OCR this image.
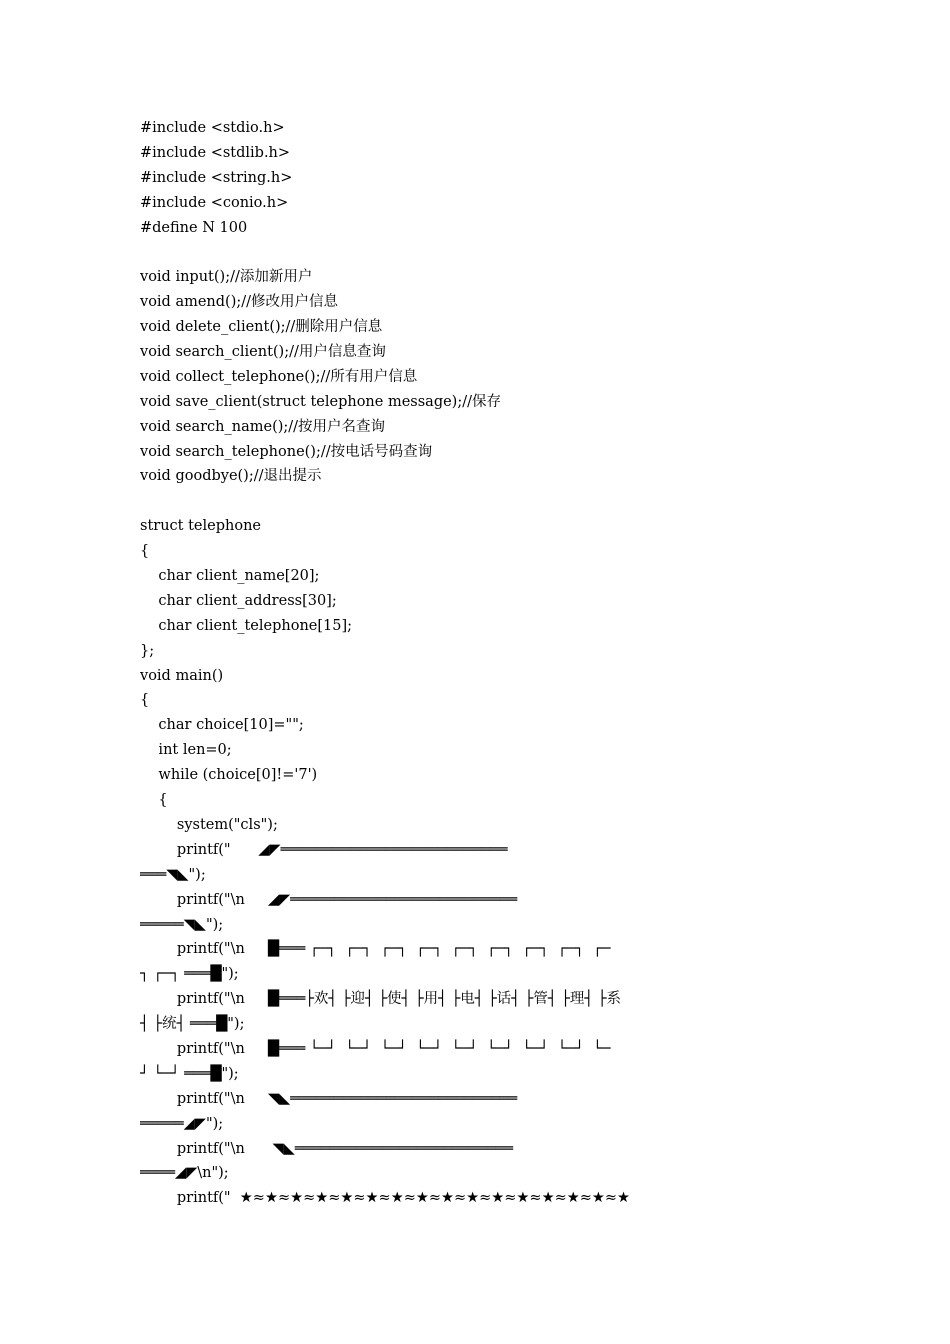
#include <stdio.h>
#include <stdlib.h>
#include <string.h>
#include <conio.h>
#define N 100
void input();//添加新用户
void amend();//修改用户信息
void delete_client();//删除用户信息
void search_client();//用户信息查询
void collect_telephone();//所有用户信息
void save_client(struct telephone message);//保存
void search_name();//按用户名查询
void search_telephone();//按电话号码查询
void goodbye();//退出提示
struct telephone
{
char client_name[20];
char client_address[30];
char client_telephone[15];
};
void main()
{
char choice[10]="";
int len=0;
while (choice[0]!='7')
{
system("cls");
printf("      ◢◤══════════════════════════
═══◥◣");
printf("\n     ◢◤══════════════════════════
═════◥◣");
printf("\n     █═══ ┌─┐  ┌─┐  ┌─┐  ┌─┐  ┌─┐  ┌─┐  ┌─┐  ┌─┐  ┌─
┐ ┌─┐ ═══█");
printf("\n     █═══├欢┤ ├迎┤ ├使┤ ├用┤ ├电┤ ├话┤ ├管┤ ├理┤ ├系
┤ ├统┤ ═══█");
printf("\n     █═══ └─┘  └─┘  └─┘  └─┘  └─┘  └─┘  └─┘  └─┘  └─
┘ └─┘ ═══█");
printf("\n     ◥◣══════════════════════════
═════◢◤");
printf("\n      ◥◣═════════════════════════
════◢◤\n");
printf("  ★≈★≈★≈★≈★≈★≈★≈★≈★≈★≈★≈★≈★≈★≈★≈★
